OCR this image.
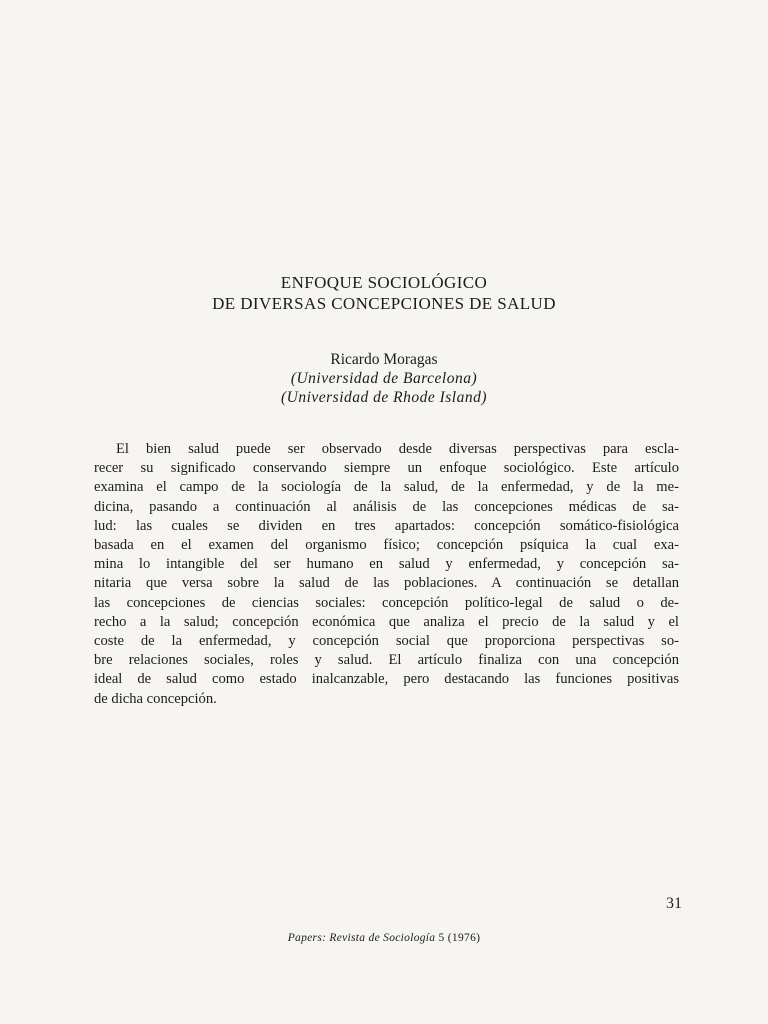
ENFOQUE SOCIOLÓGICO
DE DIVERSAS CONCEPCIONES DE SALUD
Ricardo Moragas
(Universidad de Barcelona)
(Universidad de Rhode Island)
El bien salud puede ser observado desde diversas perspectivas para escla-
recer su significado conservando siempre un enfoque sociológico. Este artículo
examina el campo de la sociología de la salud, de la enfermedad, y de la me-
dicina, pasando a continuación al análisis de las concepciones médicas de sa-
lud: las cuales se dividen en tres apartados: concepción somático-fisiológica
basada en el examen del organismo físico; concepción psíquica la cual exa-
mina lo intangible del ser humano en salud y enfermedad, y concepción sa-
nitaria que versa sobre la salud de las poblaciones. A continuación se detallan
las concepciones de ciencias sociales: concepción político-legal de salud o de-
recho a la salud; concepción económica que analiza el precio de la salud y el
coste de la enfermedad, y concepción social que proporciona perspectivas so-
bre relaciones sociales, roles y salud. El artículo finaliza con una concepción
ideal de salud como estado inalcanzable, pero destacando las funciones positivas
de dicha concepción.
31
Papers: Revista de Sociología 5 (1976)
